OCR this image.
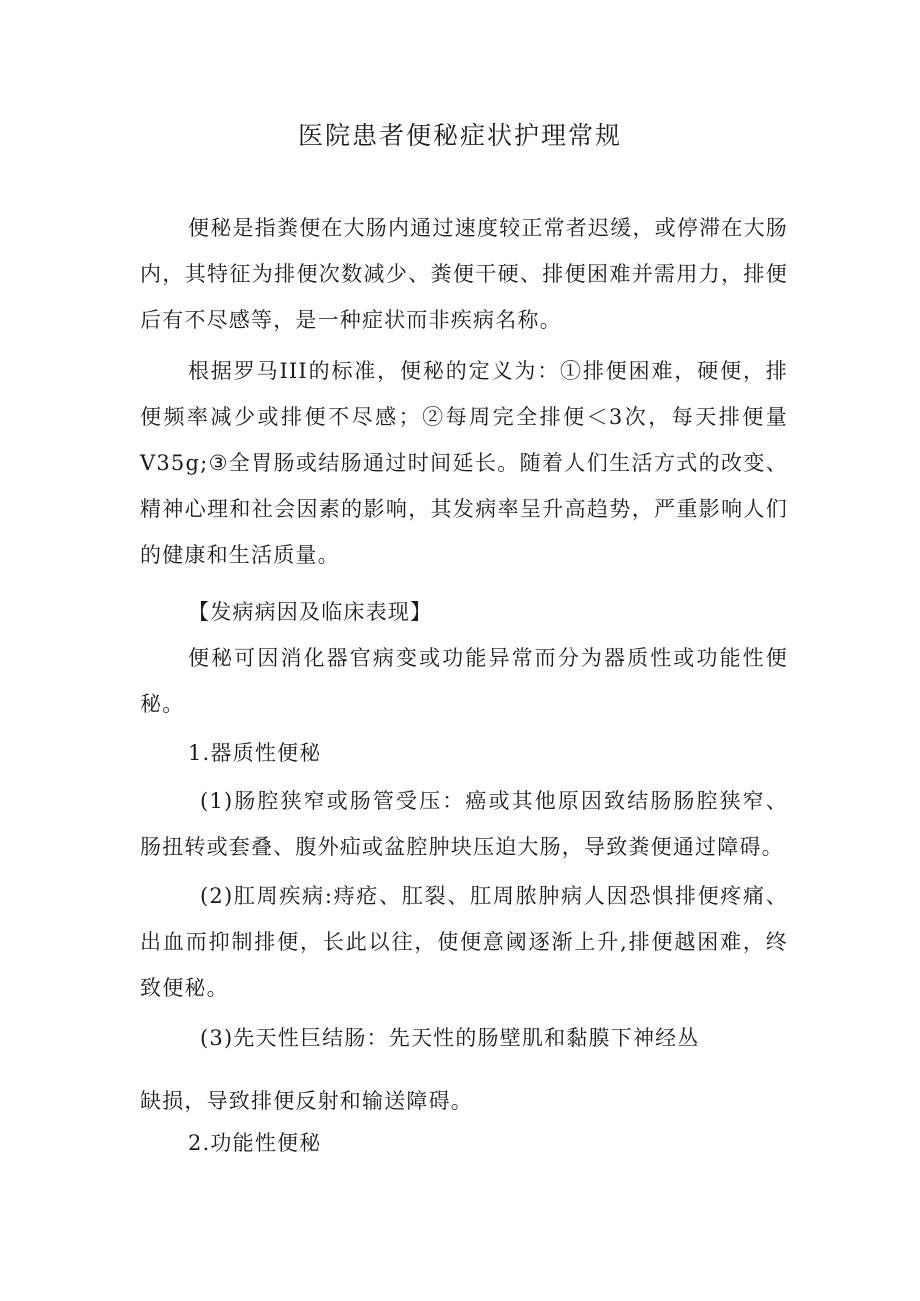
医院患者便秘症状护理常规

便秘是指粪便在大肠内通过速度较正常者迟缓，或停滞在大肠内，其特征为排便次数减少、粪便干硬、排便困难并需用力，排便后有不尽感等，是一种症状而非疾病名称。

根据罗马III的标准，便秘的定义为：①排便困难，硬便，排便频率减少或排便不尽感；②每周完全排便＜3次，每天排便量V35g;③全胃肠或结肠通过时间延长。随着人们生活方式的改变、精神心理和社会因素的影响，其发病率呈升高趋势，严重影响人们的健康和生活质量。

【发病病因及临床表现】

便秘可因消化器官病变或功能异常而分为器质性或功能性便秘。

1.器质性便秘

(1)肠腔狭窄或肠管受压：癌或其他原因致结肠肠腔狭窄、肠扭转或套叠、腹外疝或盆腔肿块压迫大肠，导致粪便通过障碍。

(2)肛周疾病:痔疮、肛裂、肛周脓肿病人因恐惧排便疼痛、出血而抑制排便，长此以往，使便意阈逐渐上升,排便越困难，终致便秘。

(3)先天性巨结肠：先天性的肠壁肌和黏膜下神经丛

缺损，导致排便反射和输送障碍。

2.功能性便秘
